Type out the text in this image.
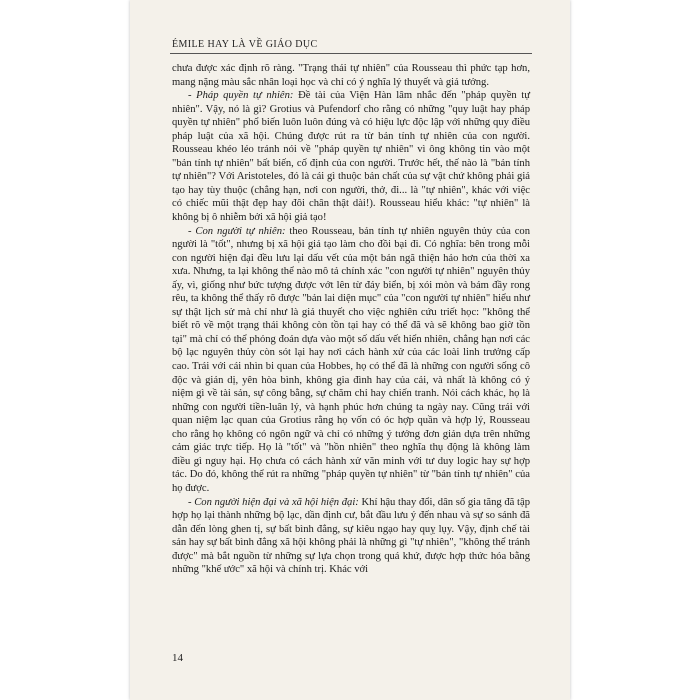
ÉMILE HAY LÀ VỀ GIÁO DỤC

chưa được xác định rõ ràng. "Trạng thái tự nhiên" của Rousseau thì phức tạp hơn, mang nặng màu sắc nhân loại học và chỉ có ý nghĩa lý thuyết và giả tưởng.

- Pháp quyền tự nhiên: Đề tài của Viện Hàn lâm nhắc đến "pháp quyền tự nhiên". Vậy, nó là gì? Grotius và Pufendorf cho rằng có những "quy luật hay pháp quyền tự nhiên" phổ biến luôn luôn đúng và có hiệu lực độc lập với những quy điều pháp luật của xã hội. Chúng được rút ra từ bản tính tự nhiên của con người. Rousseau khéo léo tránh nói về "pháp quyền tự nhiên" vì ông không tin vào một "bản tính tự nhiên" bất biến, cố định của con người. Trước hết, thế nào là "bản tính tự nhiên"? Với Aristoteles, đó là cái gì thuộc bản chất của sự vật chứ không phải giả tạo hay tùy thuộc (chẳng hạn, nơi con người, thở, đi... là "tự nhiên", khác với việc có chiếc mũi thật đẹp hay đôi chân thật dài!). Rousseau hiểu khác: "tự nhiên" là không bị ô nhiễm bởi xã hội giả tạo!

- Con người tự nhiên: theo Rousseau, bản tính tự nhiên nguyên thủy của con người là "tốt", nhưng bị xã hội giả tạo làm cho đồi bại đi. Có nghĩa: bên trong mỗi con người hiện đại đều lưu lại dấu vết của một bản ngã thiện hảo hơn của thời xa xưa. Nhưng, ta lại không thể nào mô tả chính xác "con người tự nhiên" nguyên thủy ấy, vì, giống như bức tượng được vớt lên từ đáy biển, bị xói mòn và bám đầy rong rêu, ta không thể thấy rõ được "bản lai diện mục" của "con người tự nhiên" hiểu như sự thật lịch sử mà chỉ như là giả thuyết cho việc nghiên cứu triết học: "không thể biết rõ về một trạng thái không còn tồn tại hay có thể đã và sẽ không bao giờ tồn tại" mà chỉ có thể phỏng đoán dựa vào một số dấu vết hiển nhiên, chẳng hạn nơi các bộ lạc nguyên thủy còn sót lại hay nơi cách hành xử của các loài linh trưởng cấp cao. Trái với cái nhìn bi quan của Hobbes, họ có thể đã là những con người sống cô độc và giản dị, yên hòa bình, không gia đình hay của cải, và nhất là không có ý niệm gì về tài sản, sự công bằng, sự chăm chỉ hay chiến tranh. Nói cách khác, họ là những con người tiền-luân lý, và hạnh phúc hơn chúng ta ngày nay. Cũng trái với quan niệm lạc quan của Grotius rằng họ vốn có óc hợp quần và hợp lý, Rousseau cho rằng họ không có ngôn ngữ và chỉ có những ý tưởng đơn giản dựa trên những cảm giác trực tiếp. Họ là "tốt" và "hồn nhiên" theo nghĩa thụ động là không làm điều gì nguy hại. Họ chưa có cách hành xử văn minh với tư duy logic hay sự hợp tác. Do đó, không thể rút ra những "pháp quyền tự nhiên" từ "bản tính tự nhiên" của họ được.

- Con người hiện đại và xã hội hiện đại: Khí hậu thay đổi, dân số gia tăng đã tập hợp họ lại thành những bộ lạc, dần định cư, bắt đầu lưu ý đến nhau và sự so sánh đã dẫn đến lòng ghen tị, sự bất bình đẳng, sự kiêu ngạo hay quỵ lụy. Vậy, định chế tài sản hay sự bất bình đẳng xã hội không phải là những gì "tự nhiên", "không thể tránh được" mà bắt nguồn từ những sự lựa chọn trong quá khứ, được hợp thức hóa bằng những "khế ước" xã hội và chính trị. Khác với

14
